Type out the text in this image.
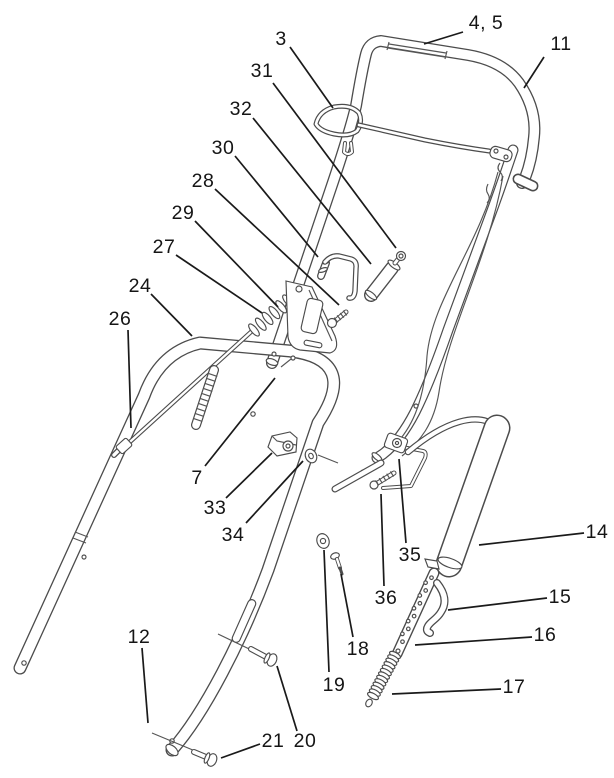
3
4, 5
11
31
32
30
28
29
27
24
26
7
33
34
12
21 20
18
19
35
36
14
15
16
17
